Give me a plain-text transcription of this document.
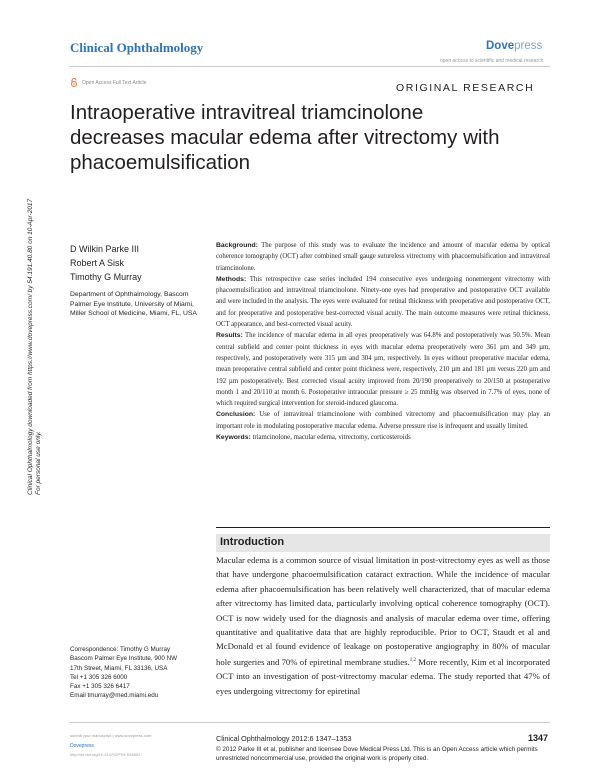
Clinical Ophthalmology	Dovepress
open access to scientific and medical research
Open Access Full Text Article	ORIGINAL RESEARCH
Intraoperative intravitreal triamcinolone decreases macular edema after vitrectomy with phacoemulsification
Clinical Ophthalmology downloaded from https://www.dovepress.com/ by 54.191.40.80 on 10-Apr-2017 For personal use only.
D Wilkin Parke III
Robert A Sisk
Timothy G Murray
Department of Ophthalmology, Bascom Palmer Eye Institute, University of Miami, Miller School of Medicine, Miami, FL, USA

Background: The purpose of this study was to evaluate the incidence and amount of macular edema by optical coherence tomography (OCT) after combined small gauge sutureless vitrectomy with phacoemulsification and intravitreal triamcinolone.

Methods: This retrospective case series included 194 consecutive eyes undergoing nonemergent vitrectomy with phacoemulsification and intravitreal triamcinolone. Ninety-one eyes had preoperative and postoperative OCT available and were included in the analysis. The eyes were evaluated for retinal thickness with preoperative and postoperative OCT, and for preoperative and postoperative best-corrected visual acuity. The main outcome measures were retinal thickness, OCT appearance, and best-corrected visual acuity.

Results: The incidence of macular edema in all eyes preoperatively was 64.8% and postoperatively was 50.5%. Mean central subfield and center point thickness in eyes with macular edema preoperatively were 361 µm and 349 µm, respectively, and postoperatively were 315 µm and 304 µm, respectively. In eyes without preoperative macular edema, mean preoperative central subfield and center point thickness were, respectively, 210 µm and 181 µm versus 220 µm and 192 µm postoperatively. Best corrected visual acuity improved from 20/190 preoperatively to 20/150 at postoperative month 1 and 20/110 at month 6. Postoperative intraocular pressure ≥ 25 mmHg was observed in 7.7% of eyes, none of which required surgical intervention for steroid-induced glaucoma.

Conclusion: Use of intravitreal triamcinolone with combined vitrectomy and phacoemulsification may play an important role in modulating postoperative macular edema. Adverse pressure rise is infrequent and usually limited.

Keywords: triamcinolone, macular edema, vitrectomy, corticosteroids

Introduction
Macular edema is a common source of visual limitation in post-vitrectomy eyes as well as those that have undergone phacoemulsification cataract extraction. While the incidence of macular edema after phacoemulsification has been relatively well characterized, that of macular edema after vitrectomy has limited data, particularly involving optical coherence tomography (OCT). OCT is now widely used for the diagnosis and analysis of macular edema over time, offering quantitative and qualitative data that are highly reproducible. Prior to OCT, Staudt et al and McDonald et al found evidence of leakage on postoperative angiography in 80% of macular hole surgeries and 70% of epiretinal membrane studies.$^{1,2}$ More recently, Kim et al incorporated OCT into an investigation of post-vitrectomy macular edema. The study reported that 47% of eyes undergoing vitrectomy for epiretinal
Correspondence: Timothy G Murray
Bascom Palmer Eye Institute, 900 NW
17th Street, Miami, FL 33136, USA
Tel +1 305 326 6000
Fax +1 305 326 6417
Email tmurray@med.miami.edu
submit your manuscript | www.dovepress.com
Dovepress
http://dx.doi.org/10.2147/OPTH.S34801
Clinical Ophthalmology 2012:6 1347–1353	1347
© 2012 Parke III et al, publisher and licensee Dove Medical Press Ltd. This is an Open Access article which permits unrestricted noncommercial use, provided the original work is properly cited.
